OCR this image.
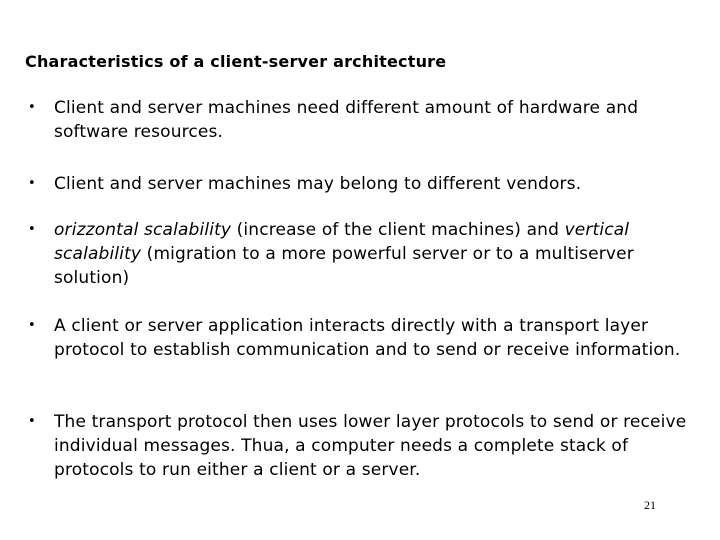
Characteristics of a client-server architecture
•	Client and server machines need different amount of hardware and software resources.
•	Client and server machines may belong to different vendors.
•	orizzontal scalability (increase of the client machines) and vertical scalability (migration to a more powerful server or to a multiserver solution)
•	A client or server application interacts directly with a transport layer protocol to establish communication and to send or receive information.
•	The transport protocol then uses lower layer protocols to send or receive individual messages. Thua, a computer needs a complete stack of protocols to run either a client or a server.
21
